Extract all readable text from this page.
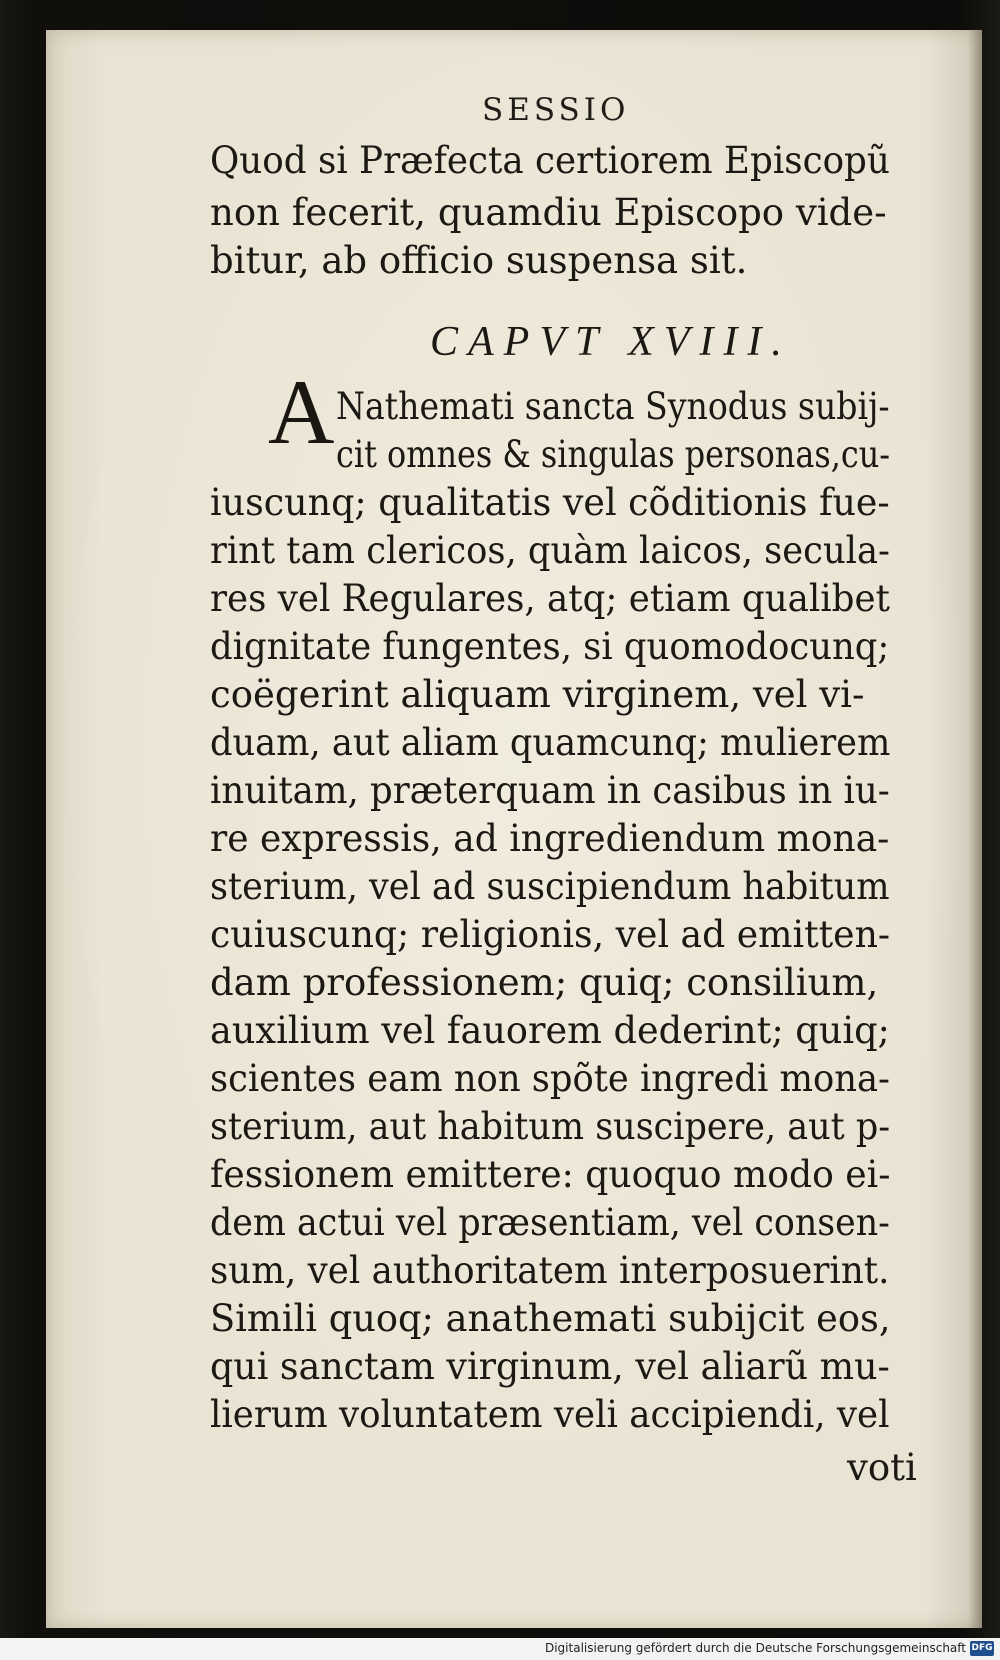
SESSIO
Quod si Præfecta certiorem Episcopũ
non fecerit, quamdiu Episcopo vide-
bitur, ab officio suspensa sit.
CAPVT XVIII.
A Nathemati sancta Synodus subij-
cit omnes & singulas personas,cu-
iuscunq; qualitatis vel cõditionis fue-
rint tam clericos, quàm laicos, secula-
res vel Regulares, atq; etiam qualibet
dignitate fungentes, si quomodocunq;
coëgerint aliquam virginem, vel vi-
duam, aut aliam quamcunq; mulierem
inuitam, præterquam in casibus in iu-
re expressis, ad ingrediendum mona-
sterium, vel ad suscipiendum habitum
cuiuscunq; religionis, vel ad emitten-
dam professionem; quiq; consilium,
auxilium vel fauorem dederint; quiq;
scientes eam non spõte ingredi mona-
sterium, aut habitum suscipere, aut p-
fessionem emittere: quoquo modo ei-
dem actui vel præsentiam, vel consen-
sum, vel authoritatem interposuerint.
Simili quoq; anathemati subijcit eos,
qui sanctam virginum, vel aliarũ mu-
lierum voluntatem veli accipiendi, vel
voti
Digitalisierung gefördert durch die Deutsche Forschungsgemeinschaft DFG
